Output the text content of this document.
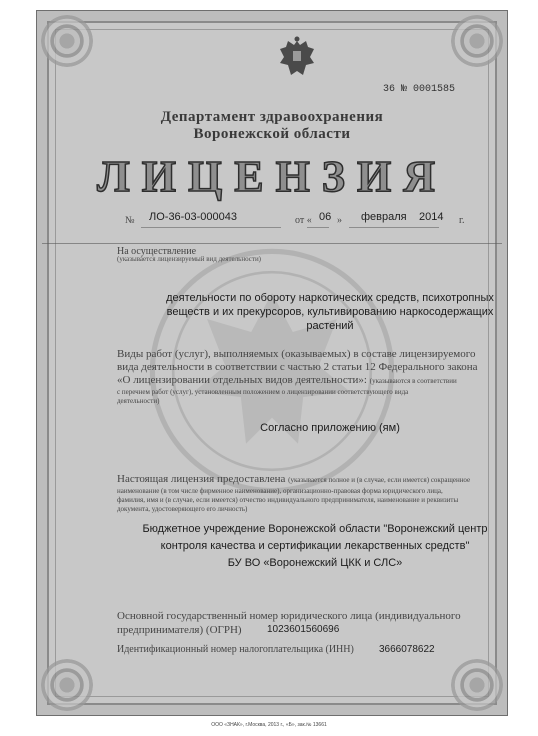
36 № 0001585
Департамент здравоохранения
Воронежской области
ЛИЦЕНЗИЯ
№ ЛО-36-03-000043	от « 06 » февраля 2014 г.
На осуществление
(указывается лицензируемый вид деятельности)
деятельности по обороту наркотических средств, психотропных
веществ и их прекурсоров, культивированию наркосодержащих
растений
Виды работ (услуг), выполняемых (оказываемых) в составе лицензируемого
вида деятельности в соответствии с частью 2 статьи 12 Федерального закона
«О лицензировании отдельных видов деятельности»: (указываются в соответствии
с перечнем работ (услуг), установленным положением о лицензировании соответствующего вида
деятельности)
Согласно приложению (ям)
Настоящая лицензия предоставлена (указывается полное и (в случае, если имеется) сокращенное
наименование (в том числе фирменное наименование), организационно-правовая форма юридического лица,
фамилия, имя и (в случае, если имеется) отчество индивидуального предпринимателя, наименование и реквизиты
документа, удостоверяющего его личность)
Бюджетное учреждение Воронежской области "Воронежский центр
контроля качества и сертификации лекарственных средств"
БУ ВО «Воронежский ЦКК и СЛС»
Основной государственный номер юридического лица (индивидуального
предпринимателя) (ОГРН)	1023601560696
Идентификационный номер налогоплательщика (ИНН)	3666078622
ООО «ЗНАК», г.Москва, 2013 г., «Б», зак.№ 13661
